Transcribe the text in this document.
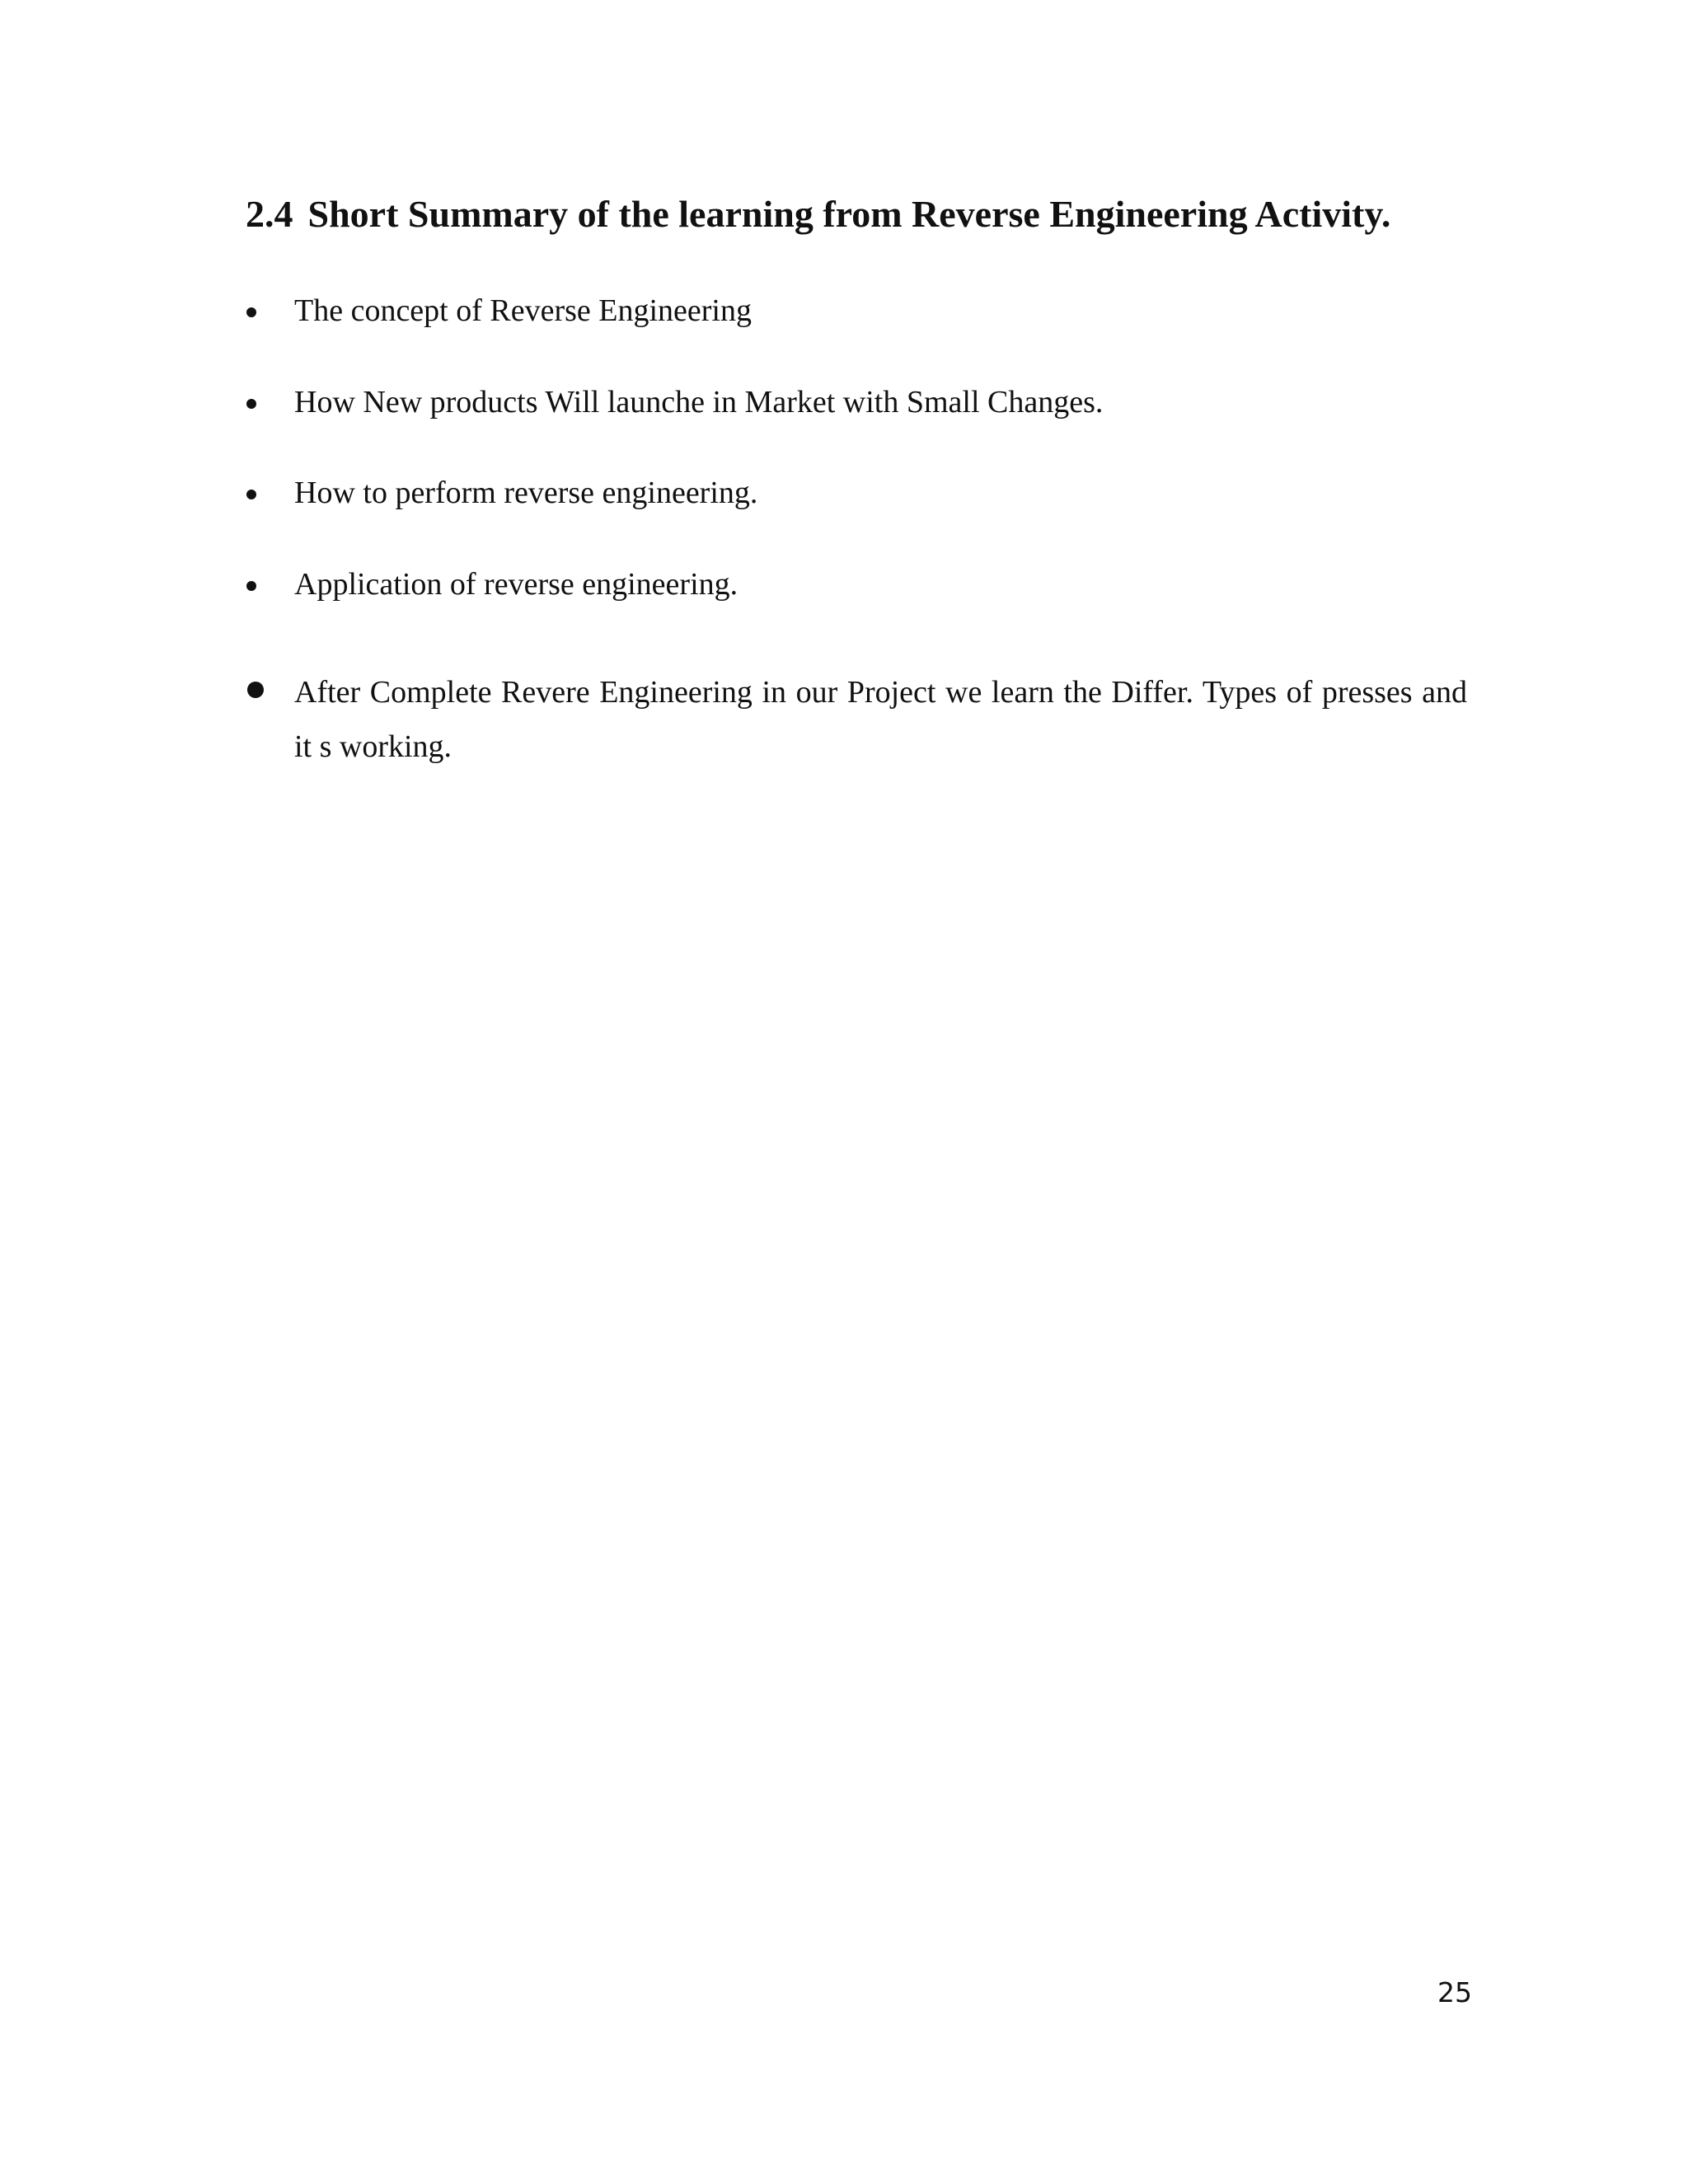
2.4 Short Summary of the learning from Reverse Engineering Activity.
The concept of Reverse Engineering
How New products Will launche in Market with Small Changes.
How to perform reverse engineering.
Application of reverse engineering.
After Complete Revere Engineering in our Project we learn the Differ. Types of presses and it s working.
25
